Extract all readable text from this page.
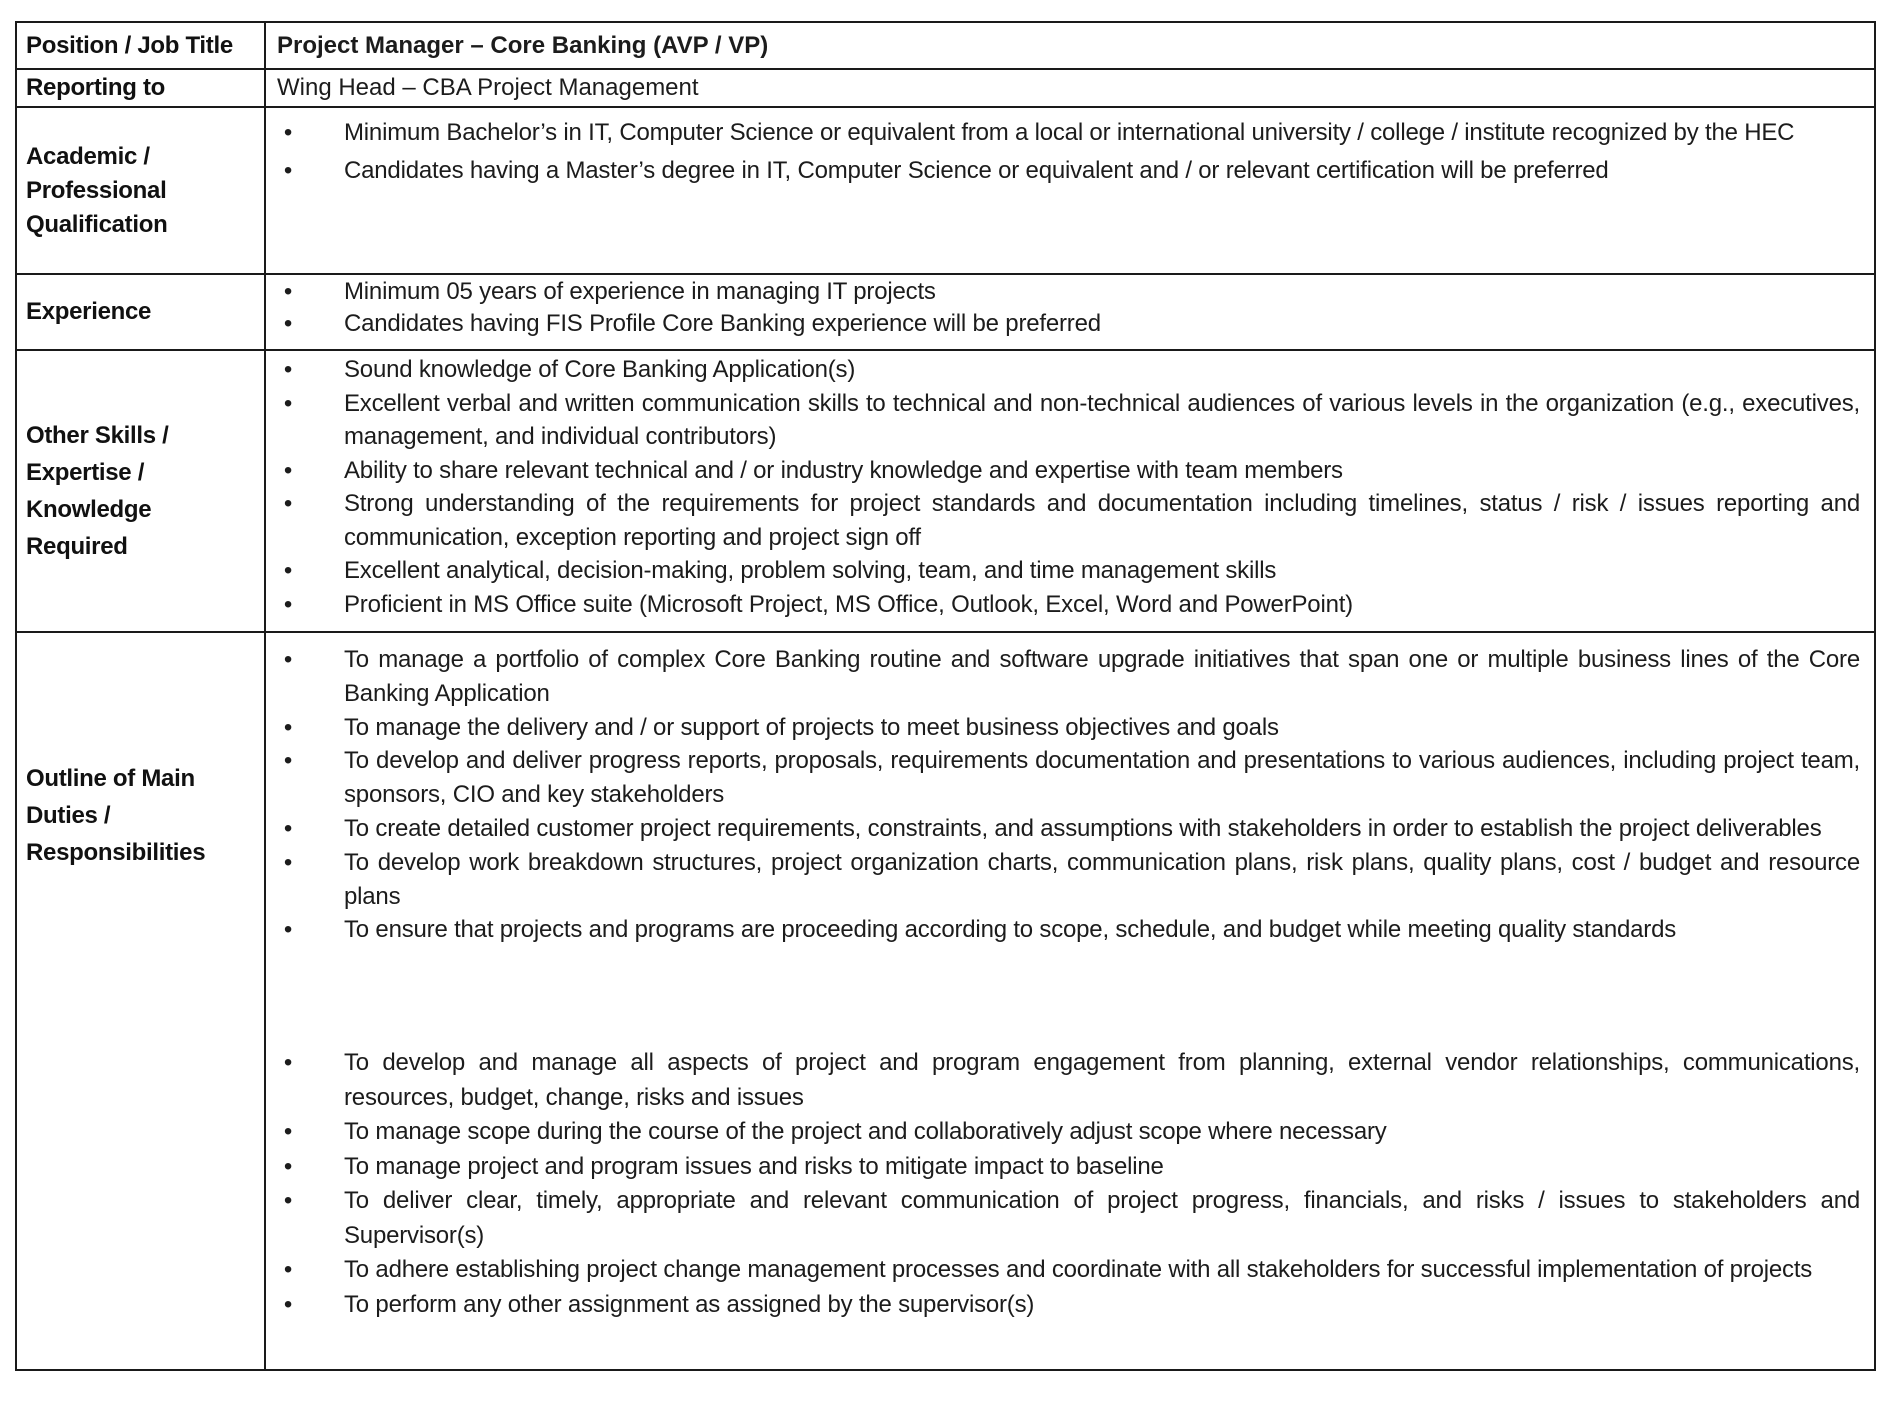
Position / Job Title	Project Manager – Core Banking (AVP / VP)
Reporting to	Wing Head – CBA Project Management
Academic / Professional Qualification
• Minimum Bachelor’s in IT, Computer Science or equivalent from a local or international university / college / institute recognized by the HEC
• Candidates having a Master’s degree in IT, Computer Science or equivalent and / or relevant certification will be preferred
Experience
• Minimum 05 years of experience in managing IT projects
• Candidates having FIS Profile Core Banking experience will be preferred
Other Skills / Expertise / Knowledge Required
• Sound knowledge of Core Banking Application(s)
• Excellent verbal and written communication skills to technical and non-technical audiences of various levels in the organization (e.g., executives, management, and individual contributors)
• Ability to share relevant technical and / or industry knowledge and expertise with team members
• Strong understanding of the requirements for project standards and documentation including timelines, status / risk / issues reporting and communication, exception reporting and project sign off
• Excellent analytical, decision-making, problem solving, team, and time management skills
• Proficient in MS Office suite (Microsoft Project, MS Office, Outlook, Excel, Word and PowerPoint)
Outline of Main Duties / Responsibilities
• To manage a portfolio of complex Core Banking routine and software upgrade initiatives that span one or multiple business lines of the Core Banking Application
• To manage the delivery and / or support of projects to meet business objectives and goals
• To develop and deliver progress reports, proposals, requirements documentation and presentations to various audiences, including project team, sponsors, CIO and key stakeholders
• To create detailed customer project requirements, constraints, and assumptions with stakeholders in order to establish the project deliverables
• To develop work breakdown structures, project organization charts, communication plans, risk plans, quality plans, cost / budget and resource plans
• To ensure that projects and programs are proceeding according to scope, schedule, and budget while meeting quality standards
• To develop and manage all aspects of project and program engagement from planning, external vendor relationships, communications, resources, budget, change, risks and issues
• To manage scope during the course of the project and collaboratively adjust scope where necessary
• To manage project and program issues and risks to mitigate impact to baseline
• To deliver clear, timely, appropriate and relevant communication of project progress, financials, and risks / issues to stakeholders and Supervisor(s)
• To adhere establishing project change management processes and coordinate with all stakeholders for successful implementation of projects
• To perform any other assignment as assigned by the supervisor(s)
